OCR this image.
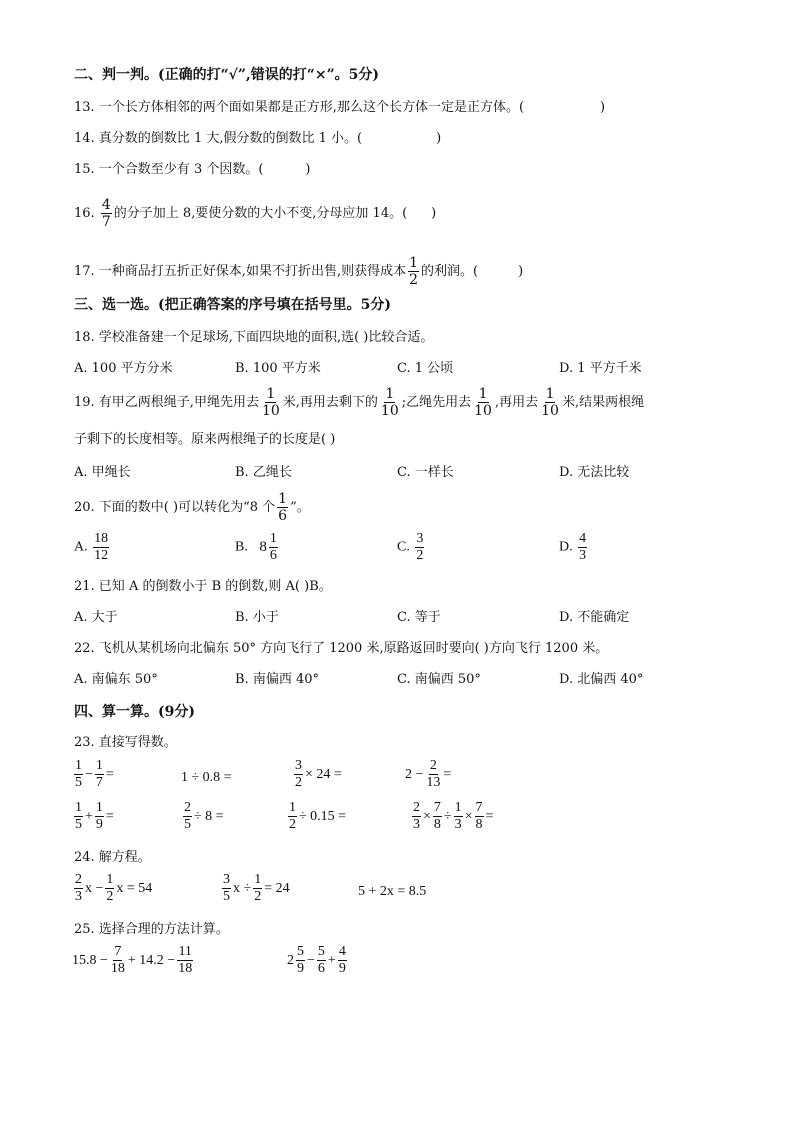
二、判一判。(正确的打“√”,错误的打“×”。5分)
13. 一个长方体相邻的两个面如果都是正方形,那么这个长方体一定是正方体。(	)
14. 真分数的倒数比 1 大,假分数的倒数比 1 小。(	)
15. 一个合数至少有 3 个因数。(	)
16. $\frac{4}{7}$ 的分子加上 8,要使分数的大小不变,分母应加 14。( )
17. 一种商品打五折正好保本,如果不打折出售,则获得成本 $\frac{1}{2}$ 的利润。(	)
三、选一选。(把正确答案的序号填在括号里。5分)
18. 学校准备建一个足球场,下面四块地的面积,选( )比较合适。
A. 100 平方分米	B. 100 平方米	C. 1 公顷	D. 1 平方千米
19. 有甲乙两根绳子,甲绳先用去 $\frac{1}{10}$ 米,再用去剩下的 $\frac{1}{10}$ ;乙绳先用去 $\frac{1}{10}$ ,再用去 $\frac{1}{10}$ 米,结果两根绳
子剩下的长度相等。原来两根绳子的长度是( )
A. 甲绳长	B. 乙绳长	C. 一样长	D. 无法比较
20. 下面的数中( )可以转化为“8 个 $\frac{1}{6}$ ”。
A. $\frac{18}{12}$	B. $8 \frac{1}{6}$	C. $\frac{3}{2}$	D. $\frac{4}{3}$
21. 已知 A 的倒数小于 B 的倒数,则 A( )B。
A. 大于	B. 小于	C. 等于	D. 不能确定
22. 飞机从某机场向北偏东 50° 方向飞行了 1200 米,原路返回时要向( )方向飞行 1200 米。
A. 南偏东 50°	B. 南偏西 40°	C. 南偏西 50°	D. 北偏西 40°
四、算一算。(9分)
23. 直接写得数。
$\frac{1}{5} - \frac{1}{7}$ =	1 ÷ 0.8 =	$\frac{3}{2} \times 24$ =	$2 - \frac{2}{13}$ =
$\frac{1}{5} + \frac{1}{9}$ =	$\frac{2}{5} \div 8$ =	$\frac{1}{2} \div 0.15$ =	$\frac{2}{3} \times \frac{7}{8} \div \frac{1}{3} \times \frac{7}{8}$ =
24. 解方程。
$\frac{2}{3}$ $x - \frac{1}{2}$ x = 54	$\frac{3}{5}$ $x \div \frac{1}{2} = 24$	5 + 2x = 8.5
25. 选择合理的方法计算。
$15.8 - \frac{7}{18} + 14.2 - \frac{11}{18}$	$2 \frac{5}{9} - \frac{5}{6} + \frac{4}{9}$
